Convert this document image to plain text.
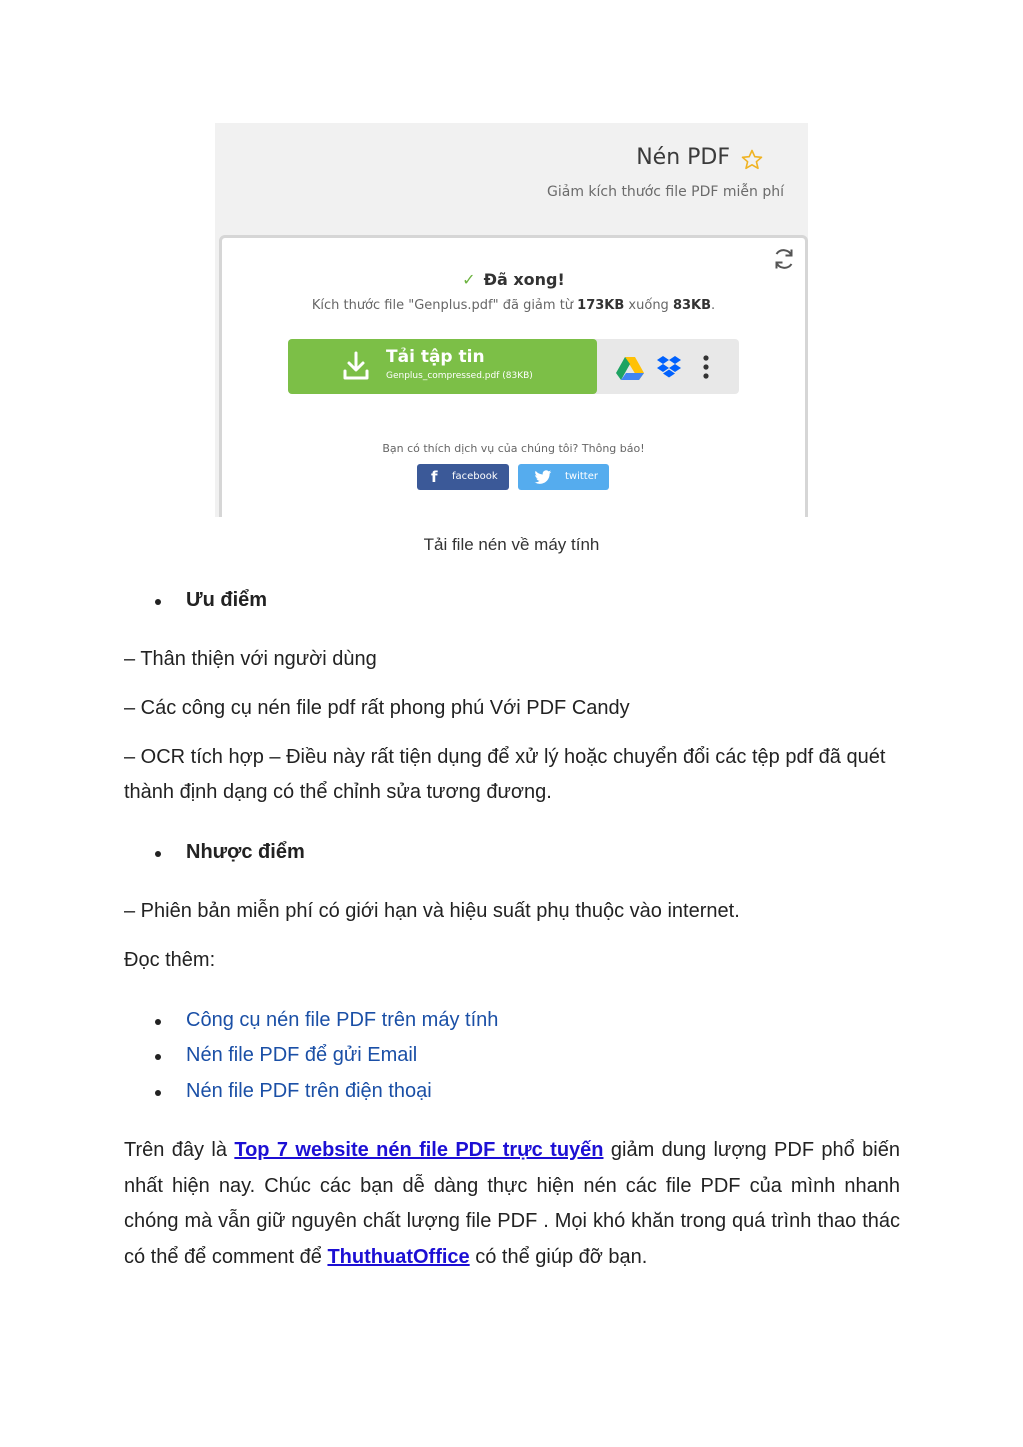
Nén PDF
Giảm kích thước file PDF miễn phí
✓ Đã xong!
Kích thước file "Genplus.pdf" đã giảm từ 173KB xuống 83KB.
Tải tập tin
Genplus_compressed.pdf (83KB)
Bạn có thích dịch vụ của chúng tôi? Thông báo!
f facebook	twitter
Tải file nén về máy tính
Ưu điểm
– Thân thiện với người dùng
– Các công cụ nén file pdf rất phong phú Với PDF Candy
– OCR tích hợp – Điều này rất tiện dụng để xử lý hoặc chuyển đổi các tệp pdf đã quét
thành định dạng có thể chỉnh sửa tương đương.
Nhược điểm
– Phiên bản miễn phí có giới hạn và hiệu suất phụ thuộc vào internet.
Đọc thêm:
Công cụ nén file PDF trên máy tính
Nén file PDF để gửi Email
Nén file PDF trên điện thoại
Trên đây là Top 7 website nén file PDF trực tuyến giảm dung lượng PDF phổ biến nhất hiện nay. Chúc các bạn dễ dàng thực hiện nén các file PDF của mình nhanh chóng mà vẫn giữ nguyên chất lượng file PDF . Mọi khó khăn trong quá trình thao thác có thể để comment để ThuthuatOffice có thể giúp đỡ bạn.
